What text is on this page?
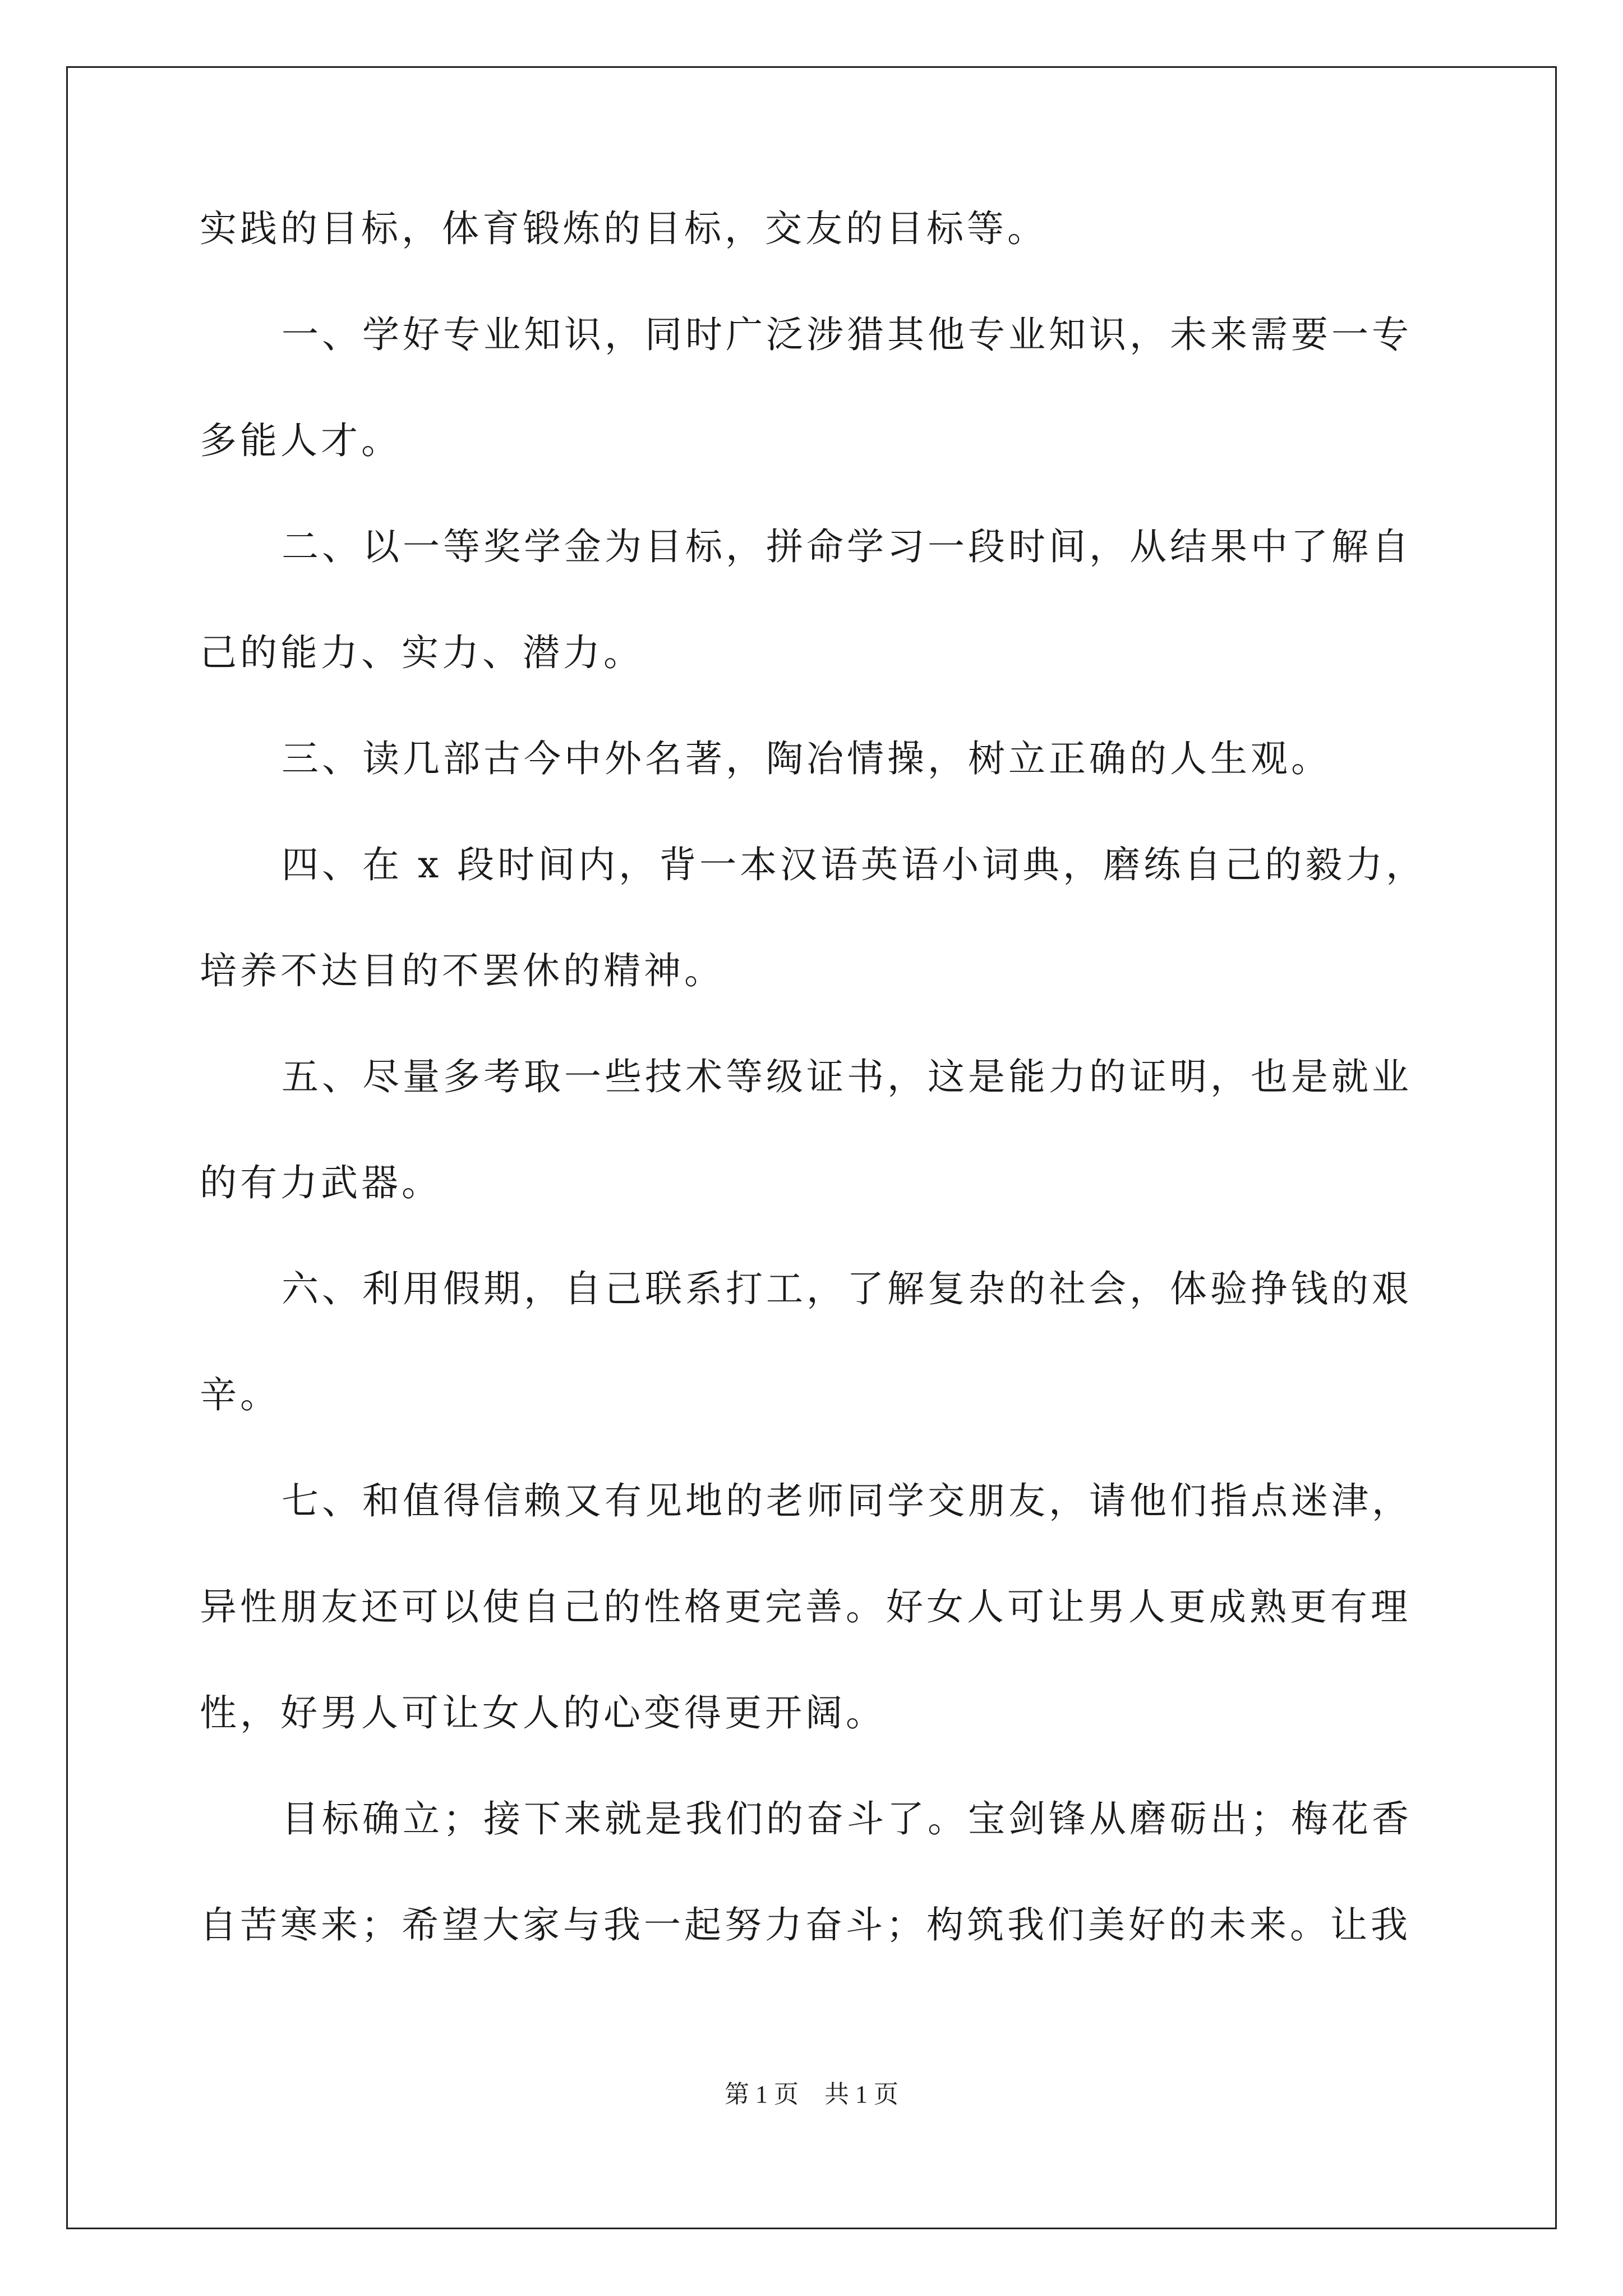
实践的目标，体育锻炼的目标，交友的目标等。
一、学好专业知识，同时广泛涉猎其他专业知识，未来需要一专
多能人才。
二、以一等奖学金为目标，拼命学习一段时间，从结果中了解自
己的能力、实力、潜力。
三、读几部古今中外名著，陶冶情操，树立正确的人生观。
四、在 x 段时间内，背一本汉语英语小词典，磨练自己的毅力，
培养不达目的不罢休的精神。
五、尽量多考取一些技术等级证书，这是能力的证明，也是就业
的有力武器。
六、利用假期，自己联系打工，了解复杂的社会，体验挣钱的艰
辛。
七、和值得信赖又有见地的老师同学交朋友，请他们指点迷津，
异性朋友还可以使自己的性格更完善。好女人可让男人更成熟更有理
性，好男人可让女人的心变得更开阔。
目标确立；接下来就是我们的奋斗了。宝剑锋从磨砺出；梅花香
自苦寒来；希望大家与我一起努力奋斗；构筑我们美好的未来。让我
第 1 页 共 1 页
